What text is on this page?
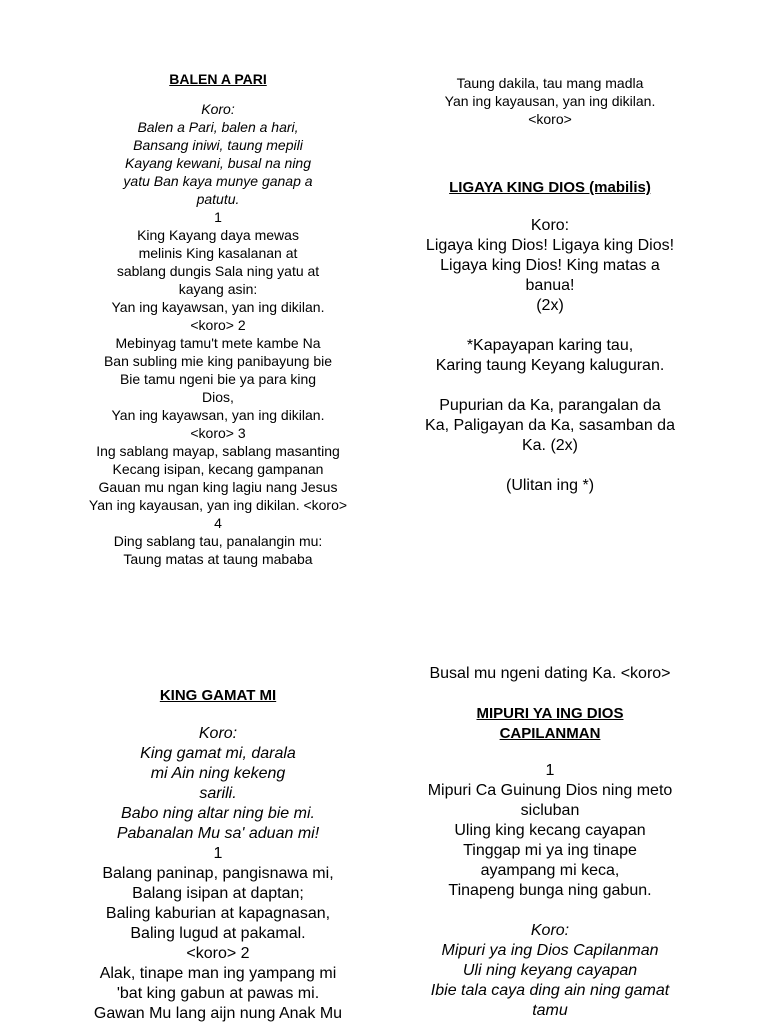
BALEN A PARI
Koro:
Balen a Pari, balen a hari,
Bansang iniwi, taung mepili
Kayang kewani, busal na ning
yatu Ban kaya munye ganap a
patutu.
1
King Kayang daya mewas
melinis King kasalanan at
sablang dungis Sala ning yatu at
kayang asin:
Yan ing kayawsan, yan ing dikilan.
<koro> 2
Mebinyag tamu't mete kambe Na
Ban subling mie king panibayung bie
Bie tamu ngeni bie ya para king
Dios,
Yan ing kayawsan, yan ing dikilan.
<koro> 3
Ing sablang mayap, sablang masanting
Kecang isipan, kecang gampanan
Gauan mu ngan king lagiu nang Jesus
Yan ing kayausan, yan ing dikilan. <koro>
4
Ding sablang tau, panalangin mu:
Taung matas at taung mababa
Taung dakila, tau mang madla
Yan ing kayausan, yan ing dikilan.
<koro>
LIGAYA KING DIOS (mabilis)
Koro:
Ligaya king Dios! Ligaya king Dios!
Ligaya king Dios! King matas a
banua!
(2x)
*Kapayapan karing tau,
Karing taung Keyang kaluguran.
Pupurian da Ka, parangalan da
Ka, Paligayan da Ka, sasamban da
Ka. (2x)
(Ulitan ing *)
KING GAMAT MI
Koro:
King gamat mi, darala
mi Ain ning kekeng
sarili.
Babo ning altar ning bie mi.
Pabanalan Mu sa' aduan mi!
1
Balang paninap, pangisnawa mi,
Balang isipan at daptan;
Baling kaburian at kapagnasan,
Baling lugud at pakamal.
<koro> 2
Alak, tinape man ing yampang mi
'bat king gabun at pawas mi.
Gawan Mu lang aijn nung Anak Mu
Busal mu ngeni dating Ka. <koro>
MIPURI YA ING DIOS
CAPILANMAN
1
Mipuri Ca Guinung Dios ning meto
sicluban
Uling king kecang cayapan
Tinggap mi ya ing tinape
ayampang mi keca,
Tinapeng bunga ning gabun.
Koro:
Mipuri ya ing Dios Capilanman
Uli ning keyang cayapan
Ibie tala caya ding ain ning gamat
tamu
